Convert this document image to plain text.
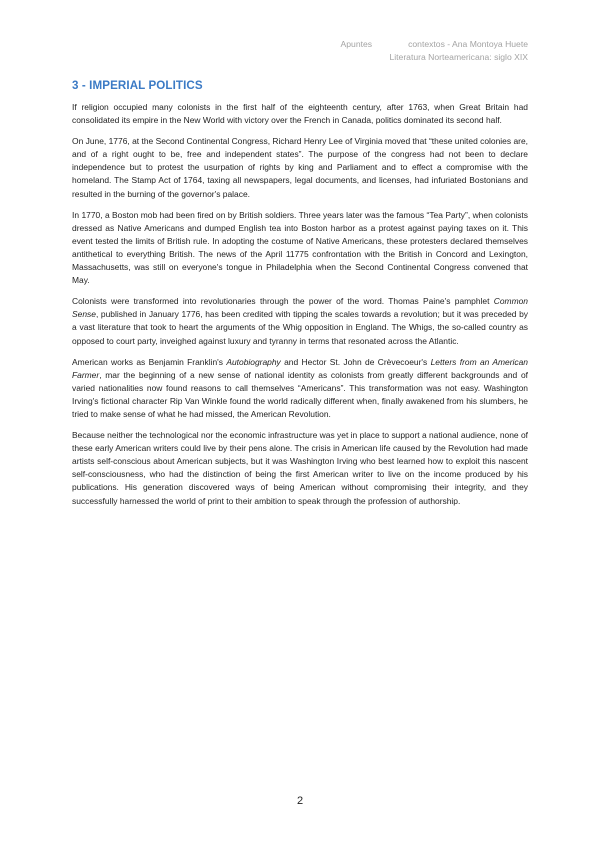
Apuntes	contextos - Ana Montoya Huete
Literatura Norteamericana: siglo XIX
3 - IMPERIAL POLITICS

If religion occupied many colonists in the first half of the eighteenth century, after 1763, when Great Britain had consolidated its empire in the New World with victory over the French in Canada, politics dominated its second half.

On June, 1776, at the Second Continental Congress, Richard Henry Lee of Virginia moved that “these united colonies are, and of a right ought to be, free and independent states”. The purpose of the congress had not been to declare independence but to protest the usurpation of rights by king and Parliament and to effect a compromise with the homeland. The Stamp Act of 1764, taxing all newspapers, legal documents, and licenses, had infuriated Bostonians and resulted in the burning of the governor's palace.

In 1770, a Boston mob had been fired on by British soldiers. Three years later was the famous “Tea Party”, when colonists dressed as Native Americans and dumped English tea into Boston harbor as a protest against paying taxes on it. This event tested the limits of British rule. In adopting the costume of Native Americans, these protesters declared themselves antithetical to everything British. The news of the April 11775 confrontation with the British in Concord and Lexington, Massachusetts, was still on everyone's tongue in Philadelphia when the Second Continental Congress convened that May.

Colonists were transformed into revolutionaries through the power of the word. Thomas Paine's pamphlet Common Sense, published in January 1776, has been credited with tipping the scales towards a revolution; but it was preceded by a vast literature that took to heart the arguments of the Whig opposition in England. The Whigs, the so-called country as opposed to court party, inveighed against luxury and tyranny in terms that resonated across the Atlantic.

American works as Benjamin Franklin's Autobiography and Hector St. John de Crèvecoeur's Letters from an American Farmer, mar the beginning of a new sense of national identity as colonists from greatly different backgrounds and of varied nationalities now found reasons to call themselves “Americans”. This transformation was not easy. Washington Irving's fictional character Rip Van Winkle found the world radically different when, finally awakened from his slumbers, he tried to make sense of what he had missed, the American Revolution.

Because neither the technological nor the economic infrastructure was yet in place to support a national audience, none of these early American writers could live by their pens alone. The crisis in American life caused by the Revolution had made artists self-conscious about American subjects, but it was Washington Irving who best learned how to exploit this nascent self-consciousness, who had the distinction of being the first American writer to live on the income produced by his publications. His generation discovered ways of being American without compromising their integrity, and they successfully harnessed the world of print to their ambition to speak through the profession of authorship.

2
